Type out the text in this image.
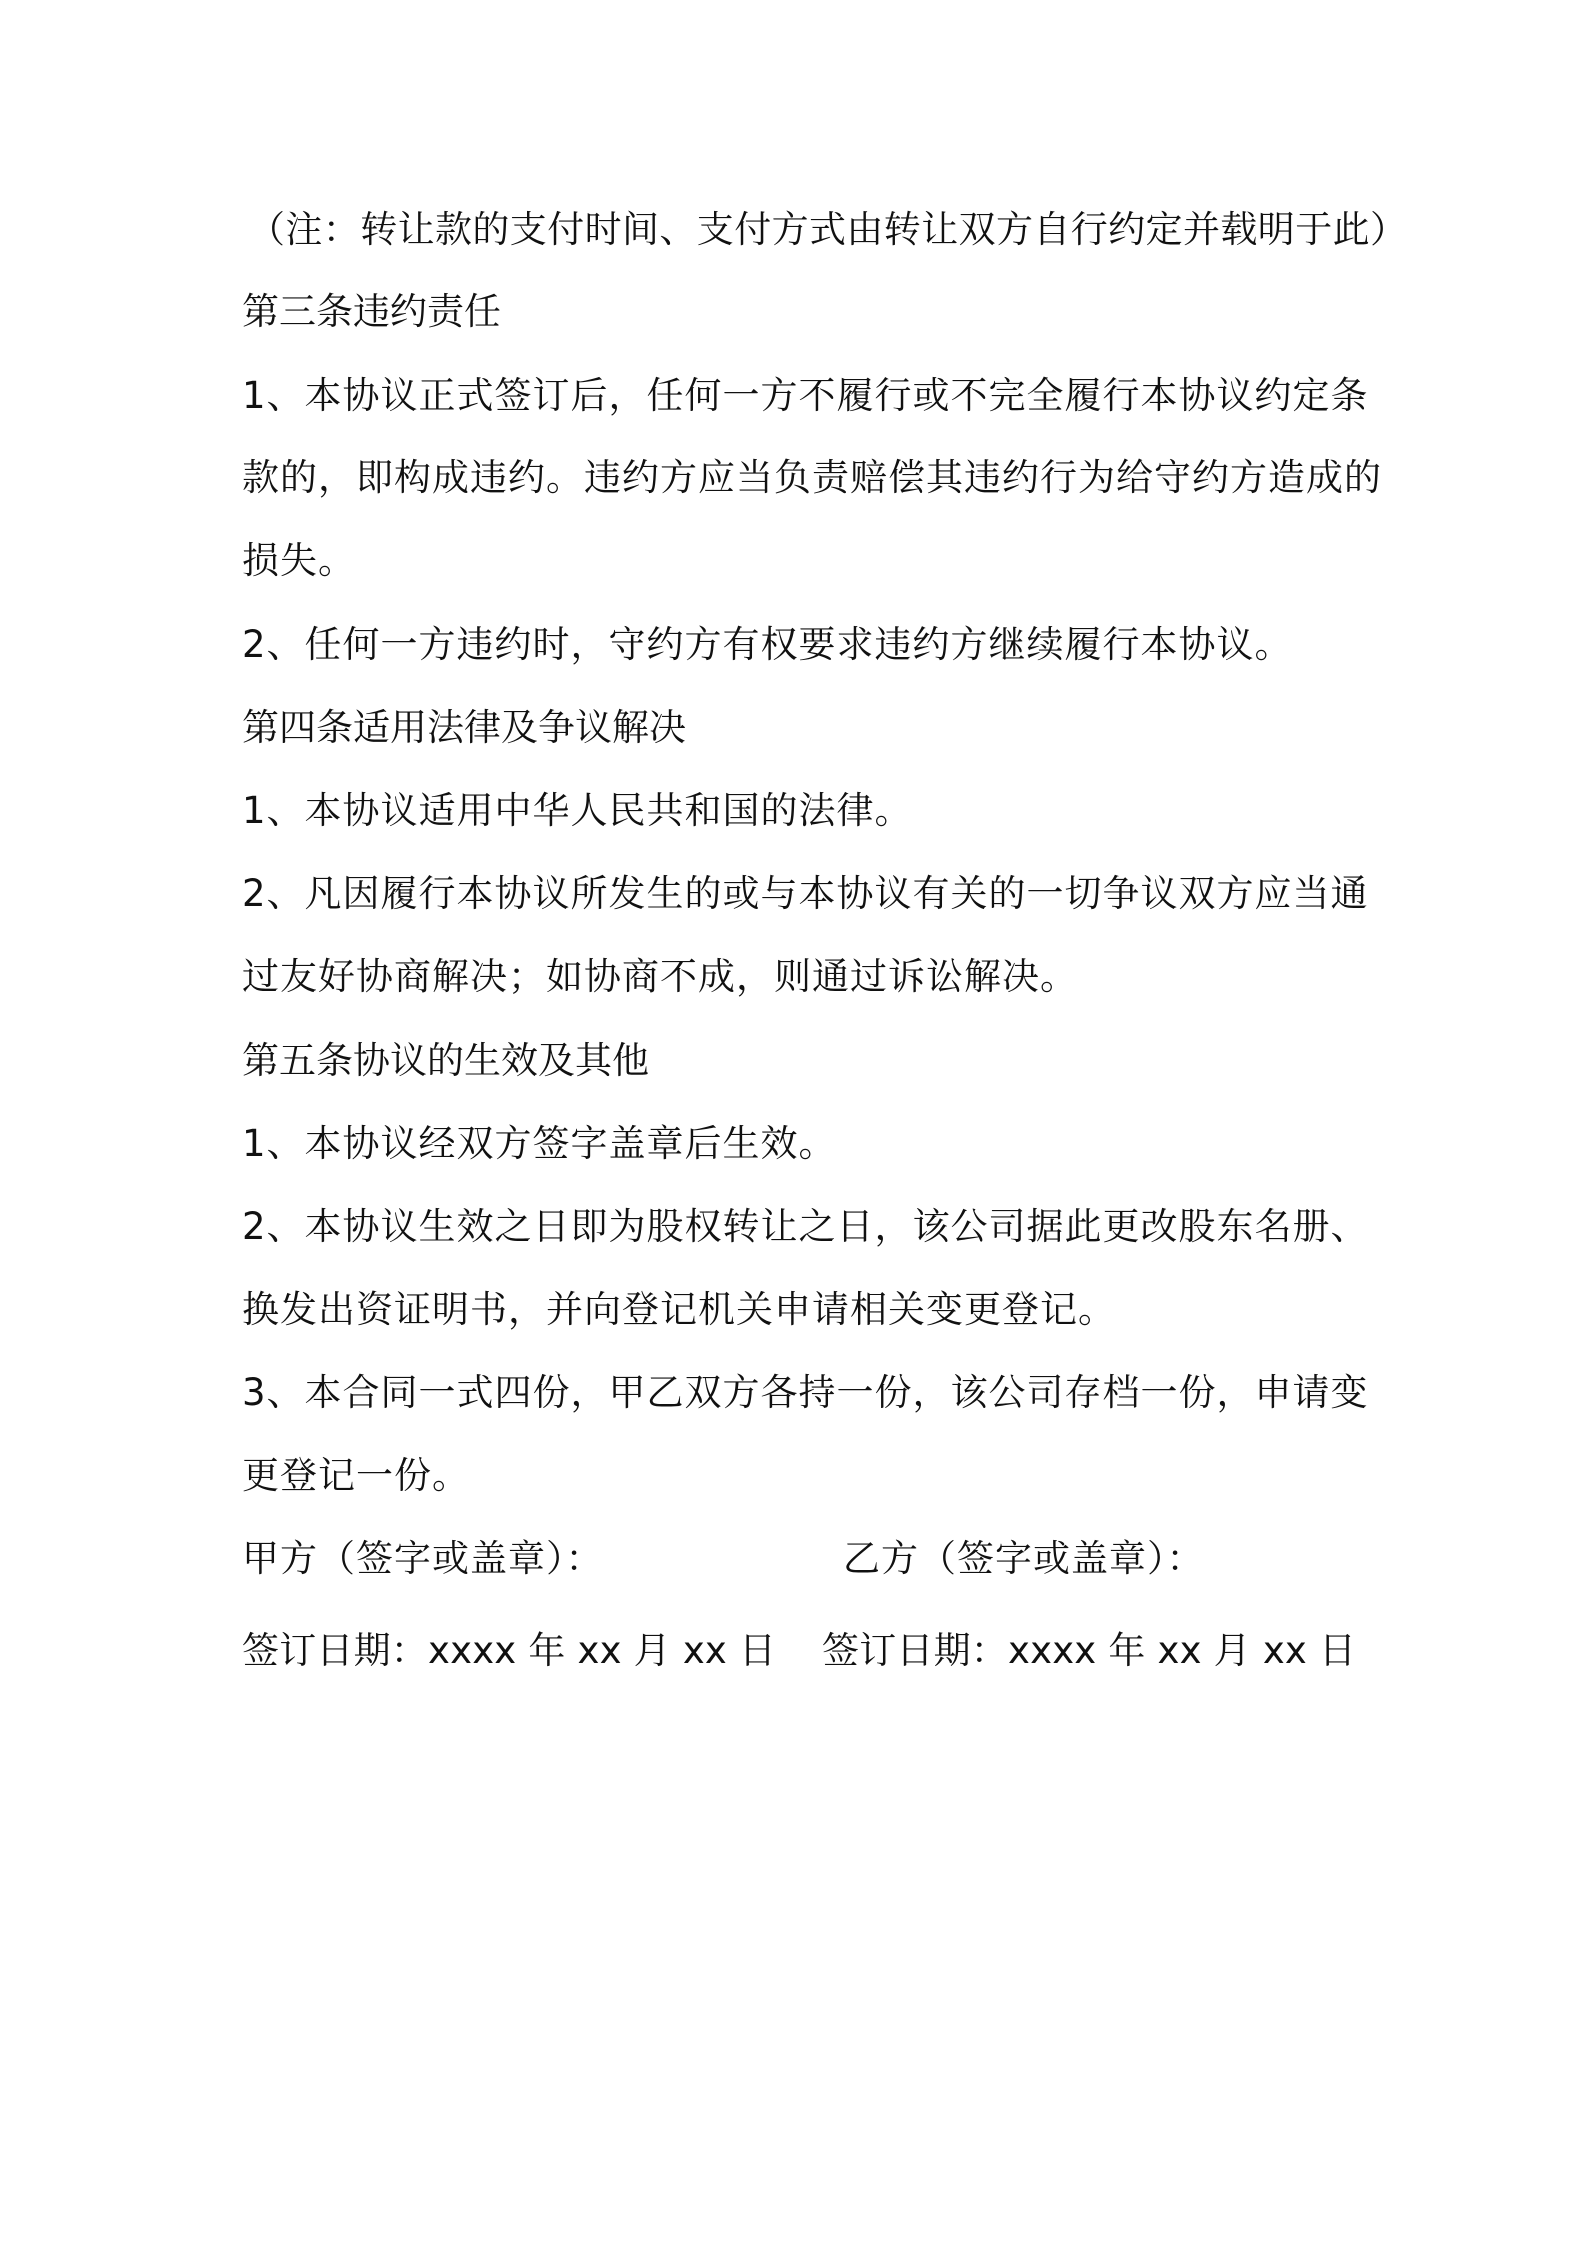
（注：转让款的支付时间、支付方式由转让双方自行约定并载明于此）
第三条违约责任
1、本协议正式签订后，任何一方不履行或不完全履行本协议约定条
款的，即构成违约。违约方应当负责赔偿其违约行为给守约方造成的
损失。
2、任何一方违约时，守约方有权要求违约方继续履行本协议。
第四条适用法律及争议解决
1、本协议适用中华人民共和国的法律。
2、凡因履行本协议所发生的或与本协议有关的一切争议双方应当通
过友好协商解决；如协商不成，则通过诉讼解决。
第五条协议的生效及其他
1、本协议经双方签字盖章后生效。
2、本协议生效之日即为股权转让之日，该公司据此更改股东名册、
换发出资证明书，并向登记机关申请相关变更登记。
3、本合同一式四份，甲乙双方各持一份，该公司存档一份，申请变
更登记一份。
甲方（签字或盖章）：	乙方（签字或盖章）：
签订日期：xxxx 年 xx 月 xx 日 签订日期：xxxx 年 xx 月 xx 日
